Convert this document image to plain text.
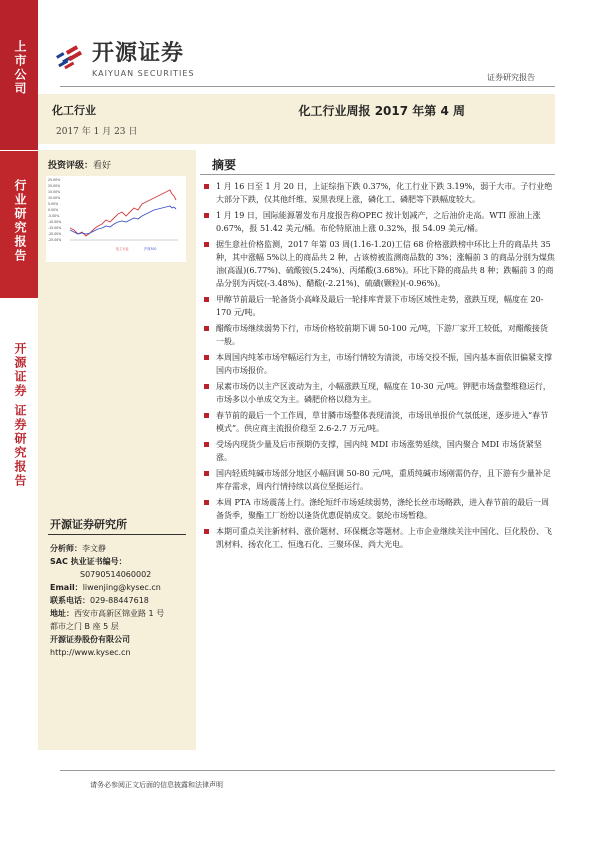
上市公司
行业研究报告
开源证券 证券研究报告
开源证券
KAIYUAN SECURITIES	证券研究报告
化工行业
2017 年 1 月 23 日
化工行业周报 2017 年第 4 周
投资评级：看好
25.00%
20.00%
15.00%
10.00%
5.00%
0.00%
-5.00%
-10.00%
-15.00%
-20.00%
-25.00%
化工行业	沪深300
开源证券研究所
分析师：李文静
SAC 执业证书编号：
S0790514060002
Email：liwenjing@kysec.cn
联系电话：029-88447618
地址：西安市高新区锦业路 1 号
都市之门 B 座 5 层
开源证券股份有限公司
http://www.kysec.cn
摘要
1 月 16 日至 1 月 20 日，上证综指下跌 0.37%，化工行业下跌 3.19%，弱于大市。子行业绝大部分下跌，仅其他纤维、炭黑表现上涨，磷化工、磷肥等下跌幅度较大。
1 月 19 日，国际能源署发布月度报告称OPEC 按计划减产，之后油价走高。WTI 原油上涨 0.67%，报 51.42 美元/桶。布伦特原油上涨 0.32%，报 54.09 美元/桶。
据生意社价格监测，2017 年第 03 周(1.16-1.20)工信 68 价格涨跌榜中环比上升的商品共 35 种，其中涨幅 5%以上的商品共 2 种，占该榜被监测商品数的 3%；涨幅前 3 的商品分别为煤焦油(高温)(6.77%)、硫酸铵(5.24%)、丙烯酸(3.68%)。环比下降的商品共 8 种；跌幅前 3 的商品分别为丙烷(-3.48%)、醋酸(-2.21%)、硫磺(颗粒)(-0.96%)。
甲醇节前最后一轮备货小高峰及最后一轮排库背景下市场区域性走势，涨跌互现，幅度在 20-170 元/吨。
醋酸市场继续弱势下行，市场价格较前期下调 50-100 元/吨，下游厂家开工较低，对醋酸接货一般。
本周国内纯苯市场窄幅运行为主，市场行情较为清淡，市场交投不振，国内基本面依旧偏紧支撑国内市场报价。
尿素市场仍以主产区波动为主，小幅涨跌互现，幅度在 10-30 元/吨。钾肥市场盘整维稳运行，市场多以小单成交为主。磷肥价格以稳为主。
春节前的最后一个工作周，草甘膦市场整体表现清淡，市场讯单报价气氛低迷，逐步进入“春节模式”。供应商主流报价稳至 2.6-2.7 万元/吨。
受场内现货少量及后市预期仍支撑，国内纯 MDI 市场涨势延续，国内聚合 MDI 市场货紧坚涨。
国内轻质纯碱市场部分地区小幅回调 50-80 元/吨，重质纯碱市场刚需仍存，且下游有少量补足库存需求，周内行情持续以高位坚挺运行。
本周 PTA 市场震荡上行。涤纶短纤市场延续弱势，涤纶长丝市场略跌，进入春节前的最后一周备货季，聚酯工厂纷纷以逢货优惠促销成交。氨纶市场暂稳。
本期可重点关注新材料、涨价题材、环保概念等题材。上市企业继续关注中国化、巨化股份、飞凯材料、扬农化工、恒逸石化、三聚环保、尚大光电。
请务必参阅正文后面的信息披露和法律声明
